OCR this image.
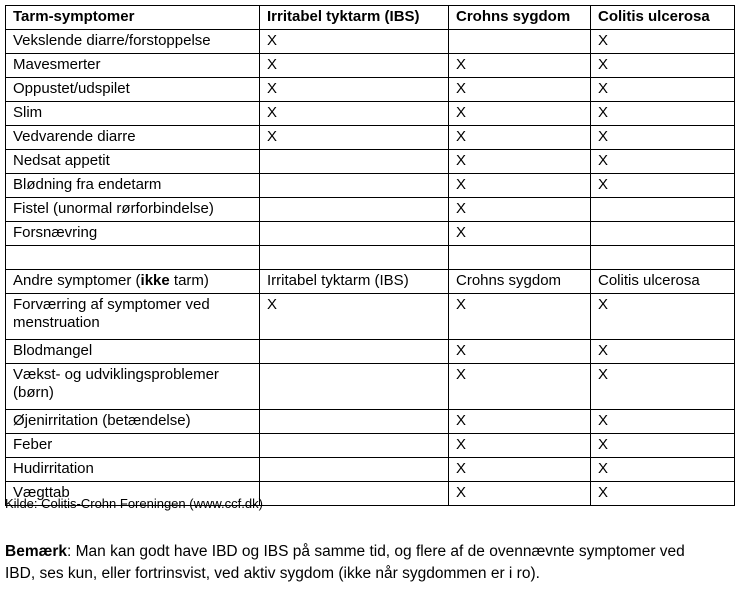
Tarm-symptomer	Irritabel tyktarm (IBS)	Crohns sygdom	Colitis ulcerosa
Vekslende diarre/forstoppelse	X		X
Mavesmerter	X	X	X
Oppustet/udspilet	X	X	X
Slim	X	X	X
Vedvarende diarre	X	X	X
Nedsat appetit		X	X
Blødning fra endetarm		X	X
Fistel (unormal rørforbindelse)		X	
Forsnævring		X	

Andre symptomer (ikke tarm)	Irritabel tyktarm (IBS)	Crohns sygdom	Colitis ulcerosa
Forværring af symptomer ved menstruation	X	X	X
Blodmangel		X	X
Vækst- og udviklingsproblemer (børn)		X	X
Øjenirritation (betændelse)		X	X
Feber		X	X
Hudirritation		X	X
Vægttab		X	X
Kilde: Colitis-Crohn Foreningen (www.ccf.dk)
Bemærk: Man kan godt have IBD og IBS på samme tid, og flere af de ovennævnte symptomer ved IBD, ses kun, eller fortrinsvist, ved aktiv sygdom (ikke når sygdommen er i ro).
